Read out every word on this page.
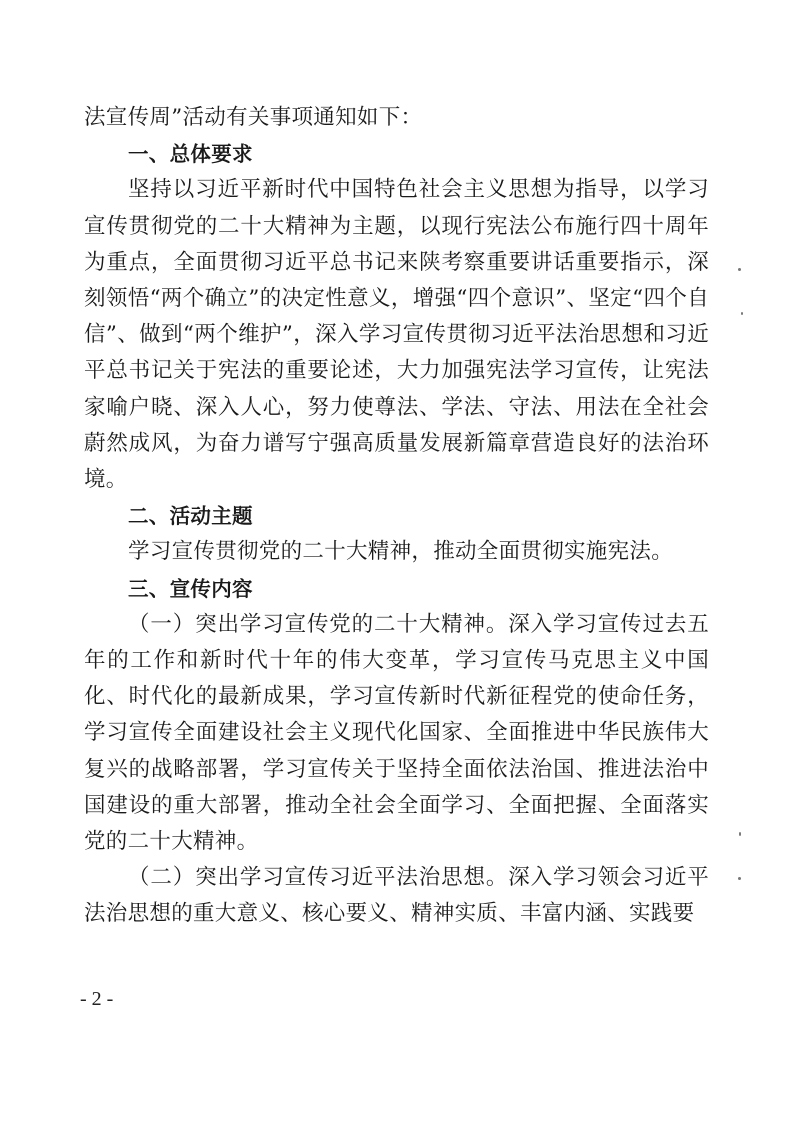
法宣传周”活动有关事项通知如下：

一、总体要求

坚持以习近平新时代中国特色社会主义思想为指导，以学习宣传贯彻党的二十大精神为主题，以现行宪法公布施行四十周年为重点，全面贯彻习近平总书记来陕考察重要讲话重要指示，深刻领悟“两个确立”的决定性意义，增强“四个意识”、坚定“四个自信”、做到“两个维护”，深入学习宣传贯彻习近平法治思想和习近平总书记关于宪法的重要论述，大力加强宪法学习宣传，让宪法家喻户晓、深入人心，努力使尊法、学法、守法、用法在全社会蔚然成风，为奋力谱写宁强高质量发展新篇章营造良好的法治环境。

二、活动主题

学习宣传贯彻党的二十大精神，推动全面贯彻实施宪法。

三、宣传内容

（一）突出学习宣传党的二十大精神。深入学习宣传过去五年的工作和新时代十年的伟大变革，学习宣传马克思主义中国化、时代化的最新成果，学习宣传新时代新征程党的使命任务，学习宣传全面建设社会主义现代化国家、全面推进中华民族伟大复兴的战略部署，学习宣传关于坚持全面依法治国、推进法治中国建设的重大部署，推动全社会全面学习、全面把握、全面落实党的二十大精神。

（二）突出学习宣传习近平法治思想。深入学习领会习近平法治思想的重大意义、核心要义、精神实质、丰富内涵、实践要

- 2 -
